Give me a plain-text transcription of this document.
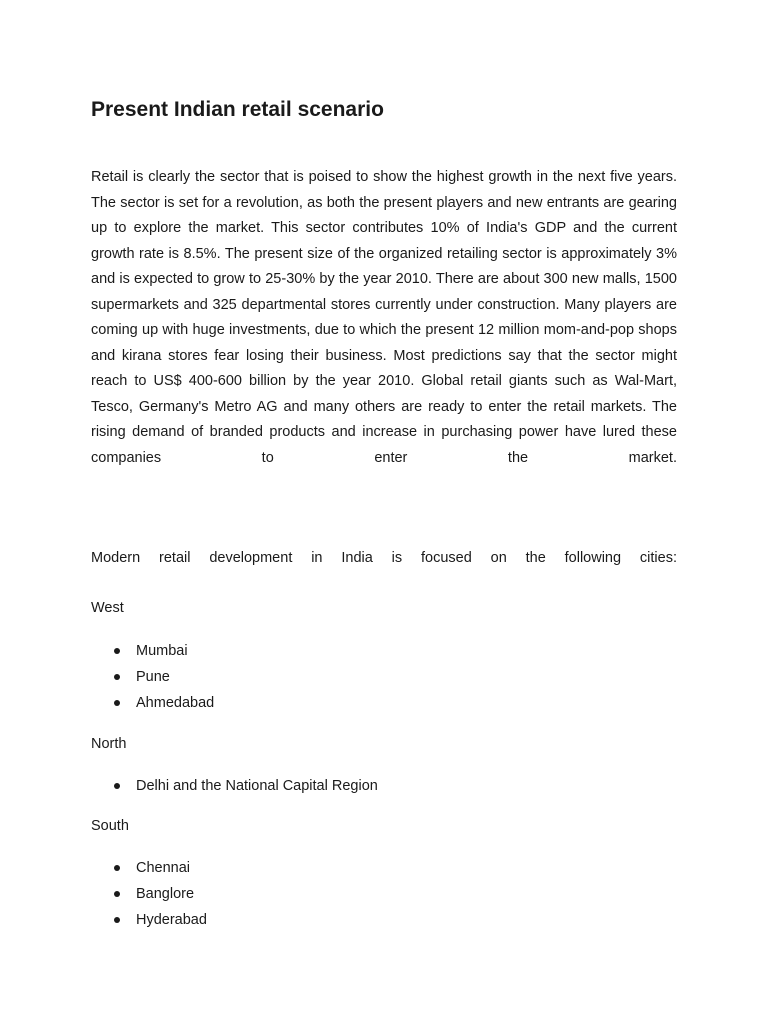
Present Indian retail scenario

Retail is clearly the sector that is poised to show the highest growth in the next five years. The sector is set for a revolution, as both the present players and new entrants are gearing up to explore the market. This sector contributes 10% of India's GDP and the current growth rate is 8.5%. The present size of the organized retailing sector is approximately 3% and is expected to grow to 25-30% by the year 2010. There are about 300 new malls, 1500 supermarkets and 325 departmental stores currently under construction. Many players are coming up with huge investments, due to which the present 12 million mom-and-pop shops and kirana stores fear losing their business. Most predictions say that the sector might reach to US$ 400-600 billion by the year 2010. Global retail giants such as Wal-Mart, Tesco, Germany's Metro AG and many others are ready to enter the retail markets. The rising demand of branded products and increase in purchasing power have lured these companies to enter the market.

Modern retail development in India is focused on the following cities:

West
Mumbai
Pune
Ahmedabad
North
Delhi and the National Capital Region
South
Chennai
Banglore
Hyderabad
